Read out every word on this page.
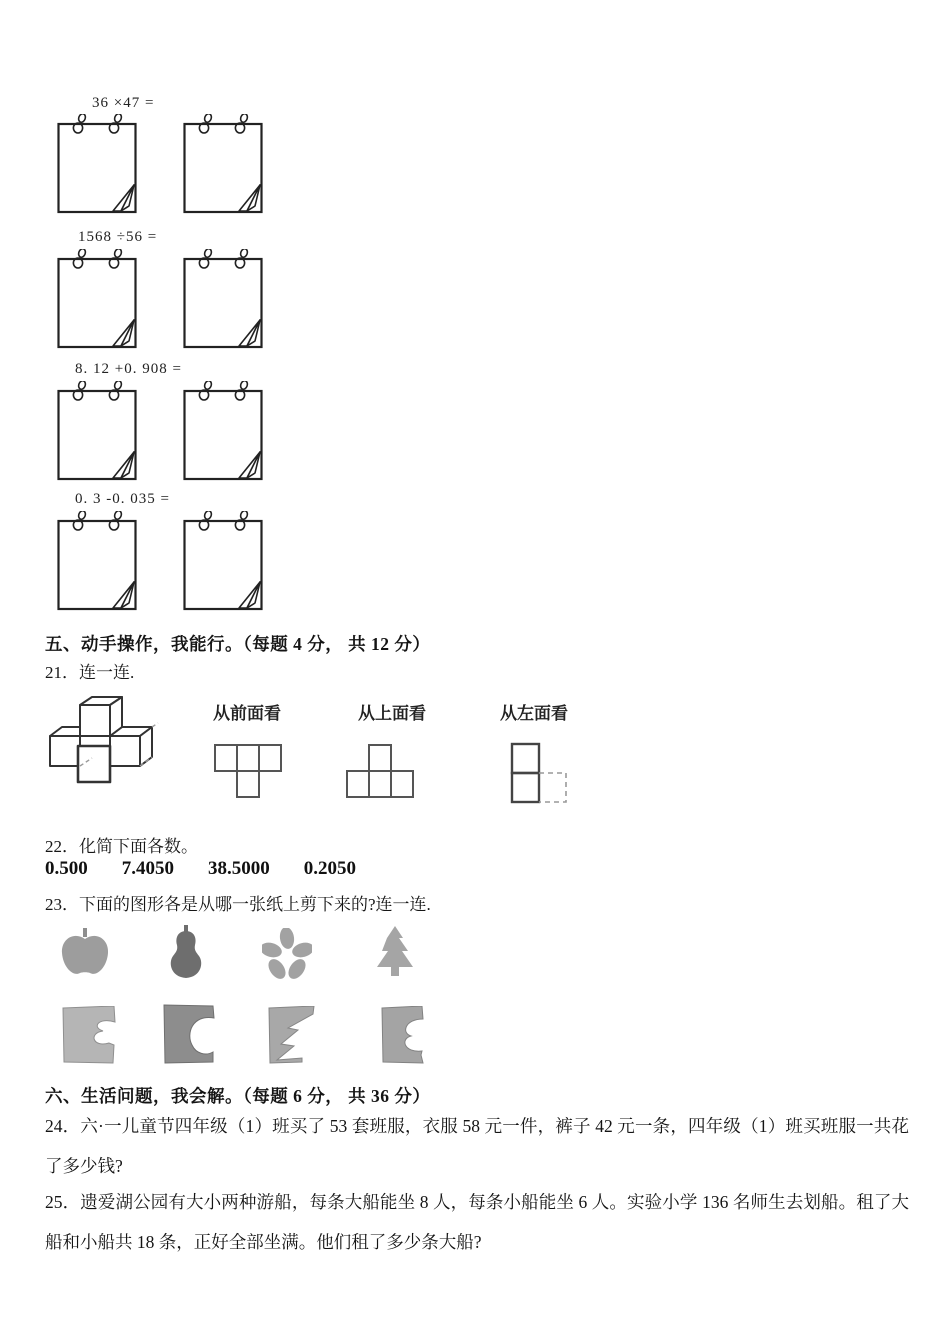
36 ×47 =
1568 ÷56 =
8. 12 +0. 908 =
0. 3 -0. 035 =
五、动手操作，我能行。（每题 4 分， 共 12 分）
21．连一连.
从前面看	从上面看	从左面看
22．化简下面各数。
0.500 7.4050 38.5000 0.2050
23．下面的图形各是从哪一张纸上剪下来的?连一连.
六、生活问题，我会解。（每题 6 分， 共 36 分）
24．六·一儿童节四年级（1）班买了 53 套班服，衣服 58 元一件，裤子 42 元一条，四年级（1）班买班服一共花了多少钱?
25．遗爱湖公园有大小两种游船，每条大船能坐 8 人，每条小船能坐 6 人。实验小学 136 名师生去划船。租了大船和小船共 18 条，正好全部坐满。他们租了多少条大船?
